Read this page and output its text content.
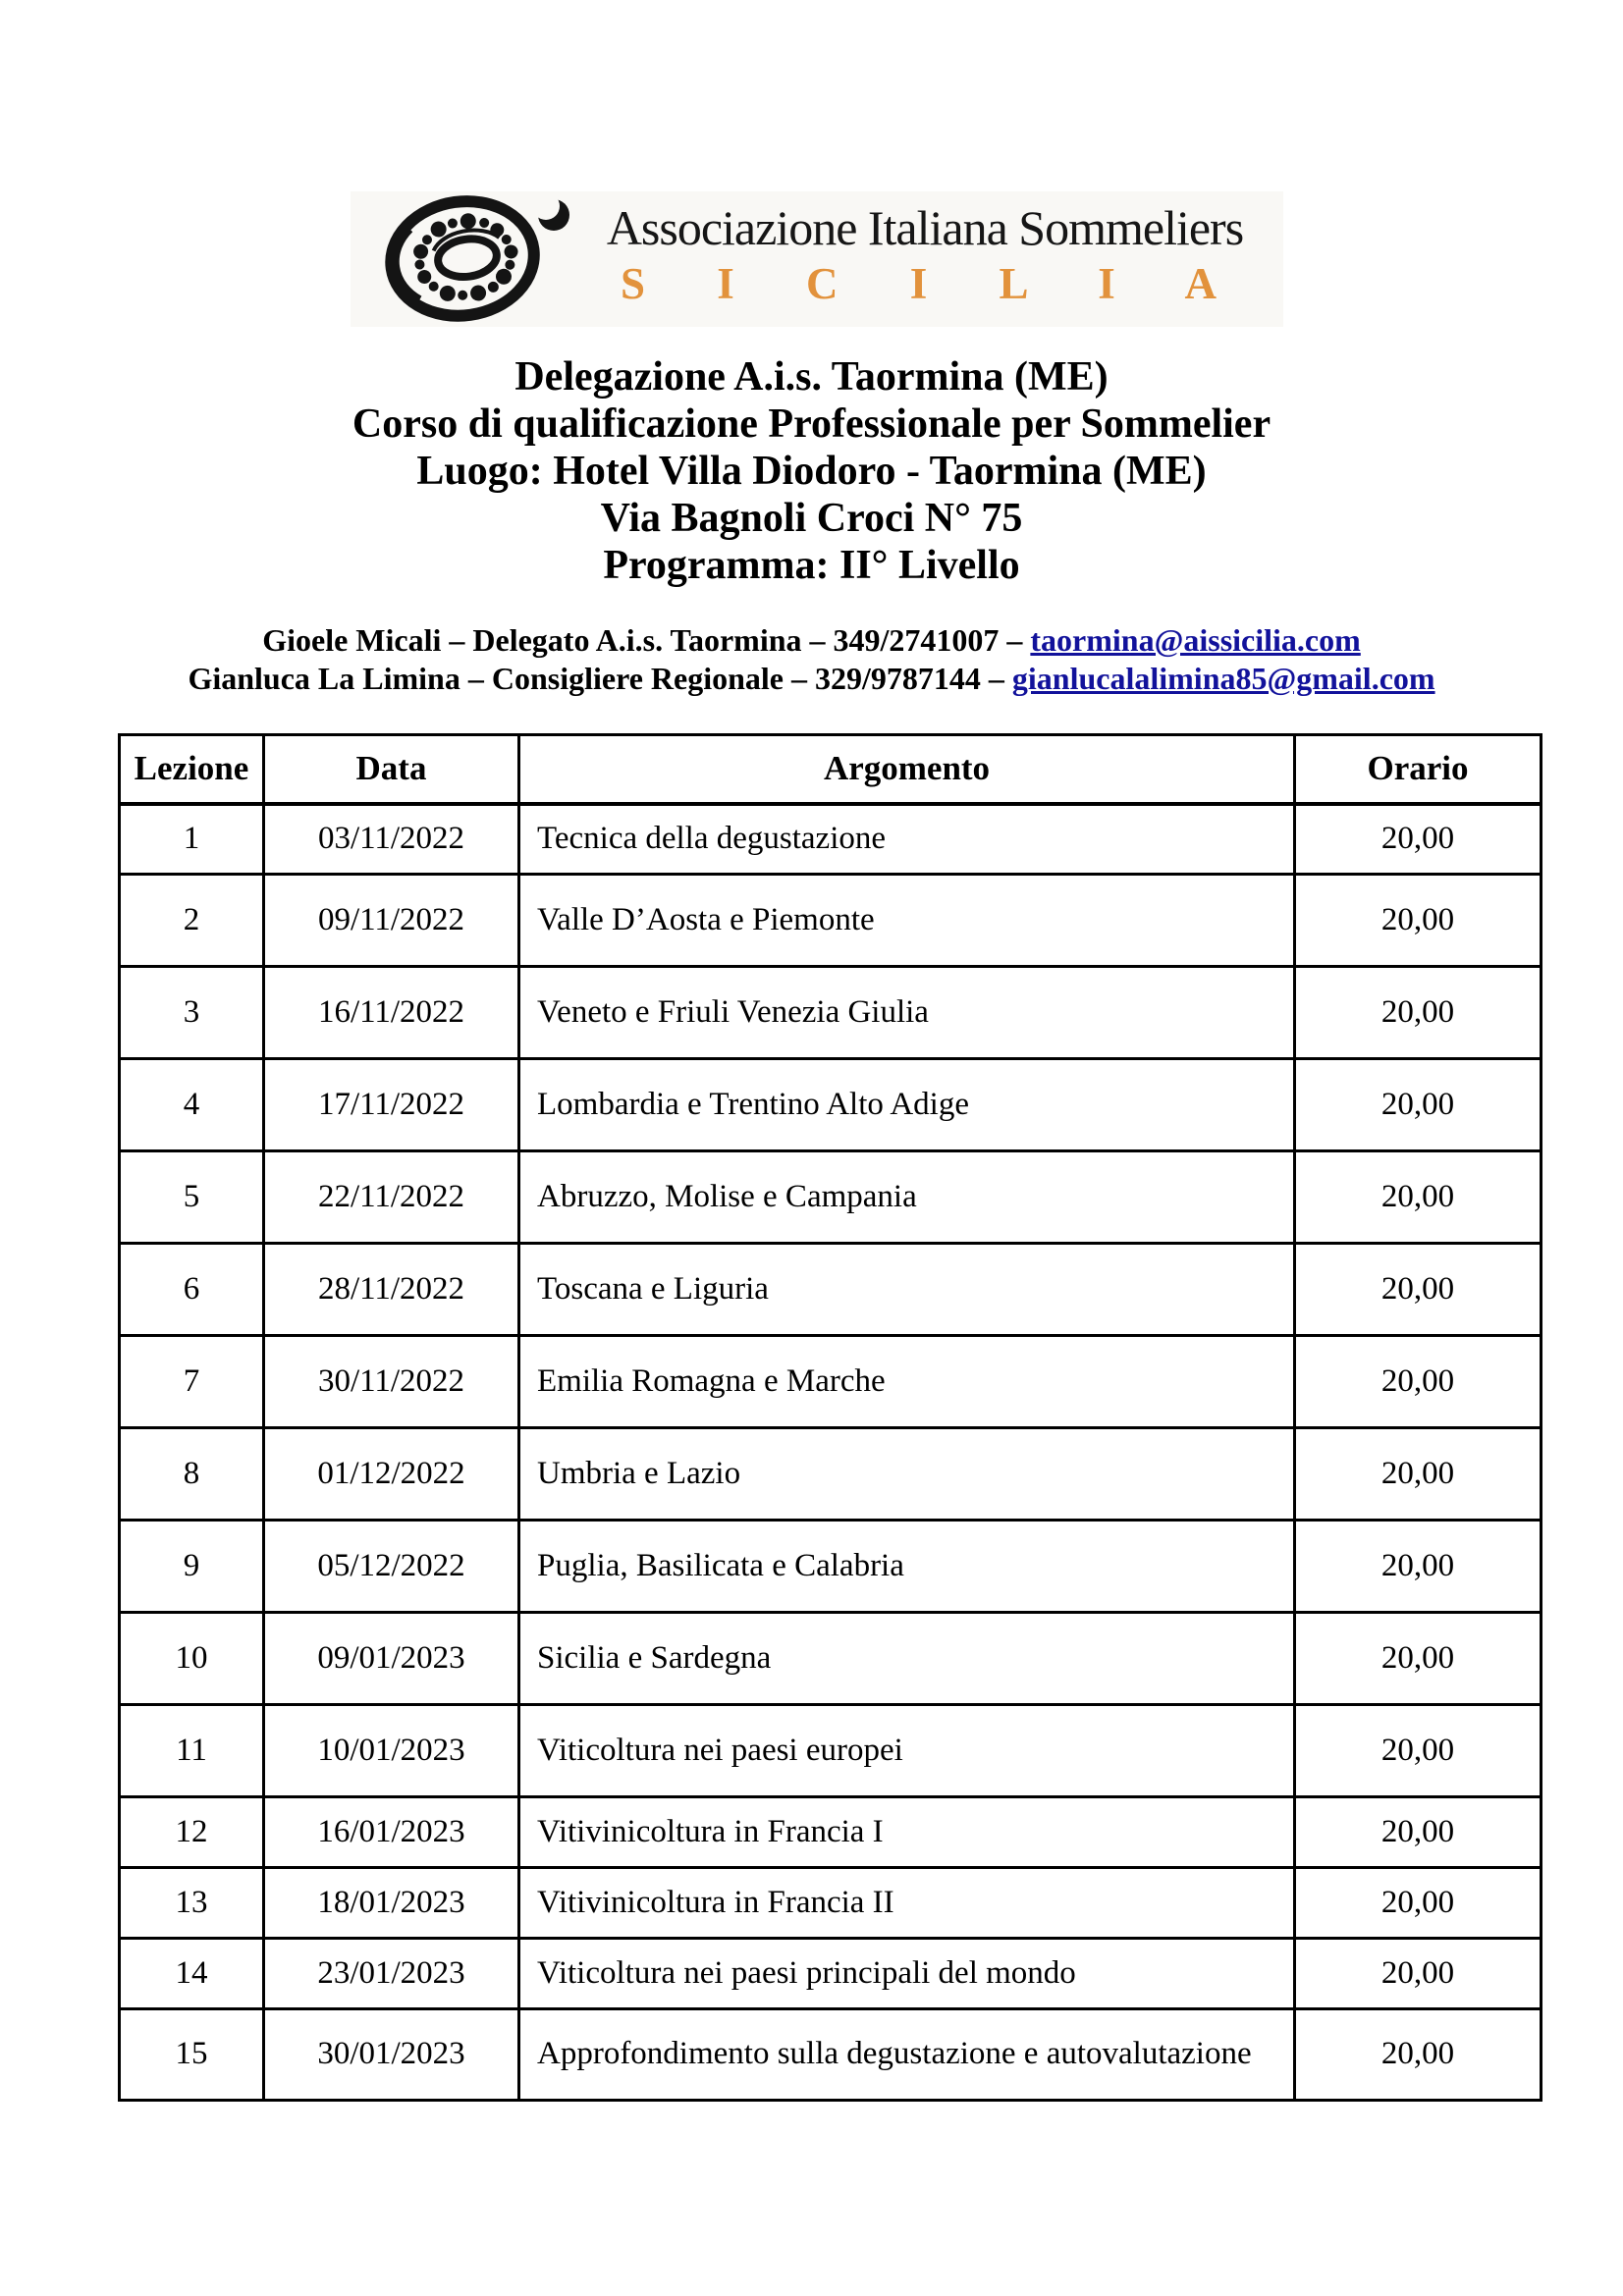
Associazione Italiana Sommeliers
S I C I L I A
Delegazione A.i.s. Taormina (ME)
Corso di qualificazione Professionale per Sommelier
Luogo: Hotel Villa Diodoro - Taormina (ME)
Via Bagnoli Croci N° 75
Programma: II° Livello
Gioele Micali – Delegato A.i.s. Taormina – 349/2741007 – taormina@aissicilia.com
Gianluca La Limina – Consigliere Regionale – 329/9787144 – gianlucalalimina85@gmail.com
Lezione	Data	Argomento	Orario
1	03/11/2022	Tecnica della degustazione	20,00
2	09/11/2022	Valle D’Aosta e Piemonte	20,00
3	16/11/2022	Veneto e Friuli Venezia Giulia	20,00
4	17/11/2022	Lombardia e Trentino Alto Adige	20,00
5	22/11/2022	Abruzzo, Molise e Campania	20,00
6	28/11/2022	Toscana e Liguria	20,00
7	30/11/2022	Emilia Romagna e Marche	20,00
8	01/12/2022	Umbria e Lazio	20,00
9	05/12/2022	Puglia, Basilicata e Calabria	20,00
10	09/01/2023	Sicilia e Sardegna	20,00
11	10/01/2023	Viticoltura nei paesi europei	20,00
12	16/01/2023	Vitivinicoltura in Francia I	20,00
13	18/01/2023	Vitivinicoltura in Francia II	20,00
14	23/01/2023	Viticoltura nei paesi principali del mondo	20,00
15	30/01/2023	Approfondimento sulla degustazione e autovalutazione	20,00
